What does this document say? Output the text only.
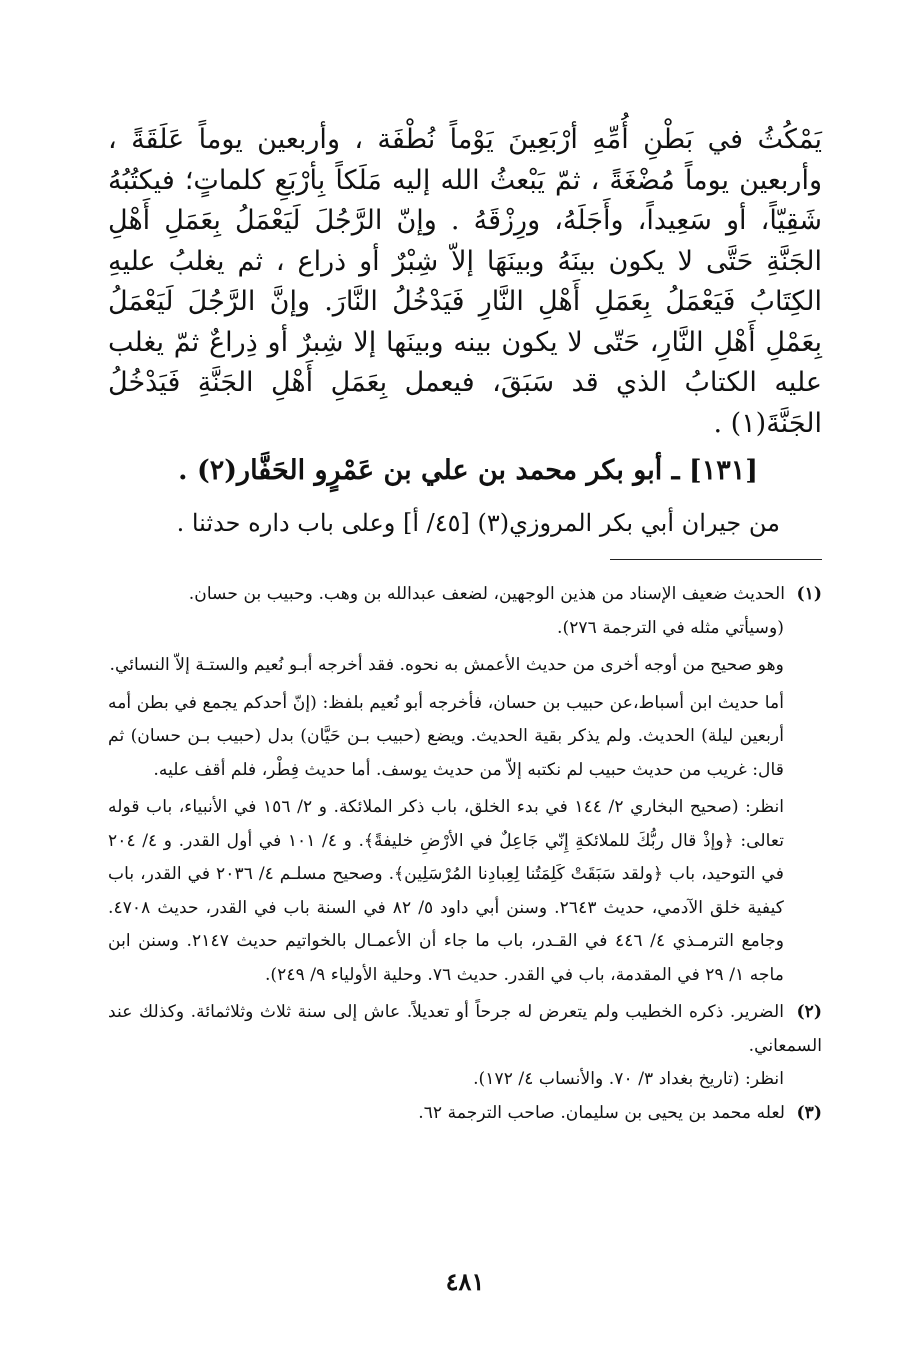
يَمْكُثُ في بَطْنِ أُمِّهِ أرْبَعِينَ يَوْماً نُطْفَة ، وأربعين يوماً عَلَقَةً ، وأربعين يوماً مُضْغَةً ، ثمّ يَبْعثُ الله إليه مَلَكاً بِأرْبَعِ كلماتٍ؛ فيكتُبُهُ شَقِيّاً، أو سَعِيداً، وأَجَلَهُ، ورِزْقَهُ . وإنّ الرَّجُلَ لَيَعْمَلُ بِعَمَلِ أَهْلِ الجَنَّةِ حَتَّى لا يكون بينَهُ وبينَهَا إلاّ شِبْرٌ أو ذراع ، ثم يغلبُ عليهِ الكِتَابُ فَيَعْمَلُ بِعَمَلِ أَهْلِ النَّارِ فَيَدْخُلُ النَّارَ. وإنَّ الرَّجُلَ لَيَعْمَلُ بِعَمْلِ أَهْلِ النَّارِ، حَتّى لا يكون بينه وبينَها إلا شِبرٌ أو ذِراعٌ ثمّ يغلب عليه الكتابُ الذي قد سَبَقَ، فيعمل بِعَمَلِ أَهْلِ الجَنَّةِ فَيَدْخُلُ الجَنَّةَ(١) .

[١٣١] ـ أبو بكر محمد بن علي بن عَمْرٍو الحَفَّار(٢) .
من جيران أبي بكر المروزي(٣) [٤٥/ أ] وعلى باب داره حدثنا .

(١) الحديث ضعيف الإسناد من هذين الوجهين، لضعف عبدالله بن وهب. وحبيب بن حسان.

(وسيأتي مثله في الترجمة ٢٧٦).

وهو صحيح من أوجه أخرى من حديث الأعمش به نحوه. فقد أخرجه أبـو نُعيم والستـة إلاّ النسائي.

أما حديث ابن أسباط،عن حبيب بن حسان، فأخرجه أبو نُعيم بلفظ: (إنّ أحدكم يجمع في بطن أمه أربعين ليلة) الحديث. ولم يذكر بقية الحديث. ويضع (حبيب بـن حَيَّان) بدل (حبيب بـن حسان) ثم قال: غريب من حديث حبيب لم نكتبه إلاّ من حديث يوسف. أما حديث فِطْر، فلم أقف عليه.

انظر: (صحيح البخاري ٢/ ١٤٤ في بدء الخلق، باب ذكر الملائكة. و ٢/ ١٥٦ في الأنبياء، باب قوله تعالى: ﴿وإذْ قال ربُّكَ للملائكةِ إِنّي جَاعِلٌ في الأرْضِ خليفةً﴾. و ٤/ ١٠١ في أول القدر. و ٤/ ٢٠٤ في التوحيد، باب ﴿ولقد سَبَقَتْ كَلِمَتُنا لِعِبادِنا المُرْسَلِين﴾. وصحيح مسلـم ٤/ ٢٠٣٦ في القدر، باب كيفية خلق الآدمي، حديث ٢٦٤٣. وسنن أبي داود ٥/ ٨٢ في السنة باب في القدر، حديث ٤٧٠٨. وجامع الترمـذي ٤/ ٤٤٦ في القـدر، باب ما جاء أن الأعمـال بالخواتيم حديث ٢١٤٧. وسنن ابن ماجه ١/ ٢٩ في المقدمة، باب في القدر. حديث ٧٦. وحلية الأولياء ٩/ ٢٤٩).

(٢) الضرير. ذكره الخطيب ولم يتعرض له جرحاً أو تعديلاً. عاش إلى سنة ثلاث وثلاثمائة. وكذلك عند السمعاني.

انظر: (تاريخ بغداد ٣/ ٧٠. والأنساب ٤/ ١٧٢).

(٣) لعله محمد بن يحيى بن سليمان. صاحب الترجمة ٦٢.

٤٨١
